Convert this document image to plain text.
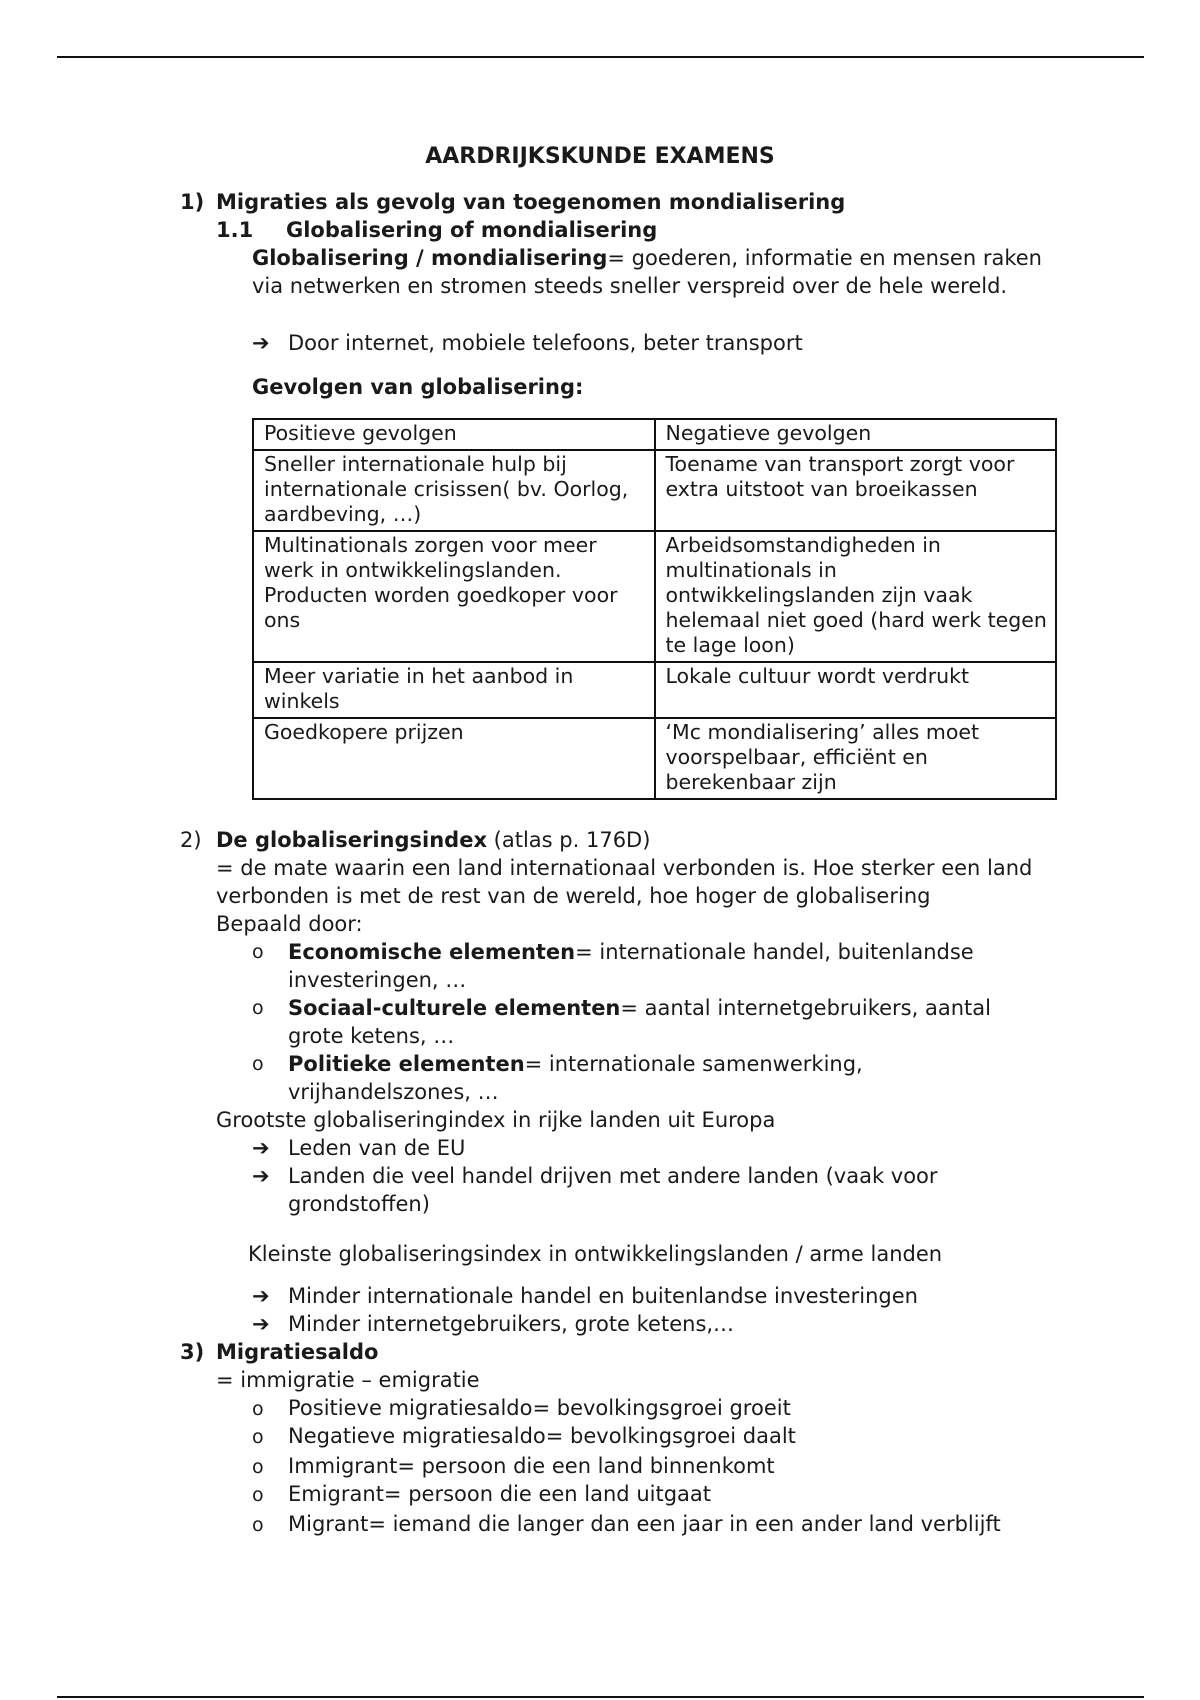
AARDRIJKSKUNDE EXAMENS
1) Migraties als gevolg van toegenomen mondialisering
1.1 Globalisering of mondialisering
Globalisering / mondialisering= goederen, informatie en mensen raken via netwerken en stromen steeds sneller verspreid over de hele wereld.
➔ Door internet, mobiele telefoons, beter transport
Gevolgen van globalisering:
Positieve gevolgen	Negatieve gevolgen
Sneller internationale hulp bij internationale crisissen( bv. Oorlog, aardbeving, …)	Toename van transport zorgt voor extra uitstoot van broeikassen
Multinationals zorgen voor meer werk in ontwikkelingslanden. Producten worden goedkoper voor ons	Arbeidsomstandigheden in multinationals in ontwikkelingslanden zijn vaak helemaal niet goed (hard werk tegen te lage loon)
Meer variatie in het aanbod in winkels	Lokale cultuur wordt verdrukt
Goedkopere prijzen	‘Mc mondialisering’ alles moet voorspelbaar, efficiënt en berekenbaar zijn
2) De globaliseringsindex (atlas p. 176D)
= de mate waarin een land internationaal verbonden is. Hoe sterker een land verbonden is met de rest van de wereld, hoe hoger de globalisering
Bepaald door:
o	Economische elementen= internationale handel, buitenlandse investeringen, …
o	Sociaal-culturele elementen= aantal internetgebruikers, aantal grote ketens, …
o	Politieke elementen= internationale samenwerking, vrijhandelszones, …
Grootste globaliseringindex in rijke landen uit Europa
➔ Leden van de EU
➔ Landen die veel handel drijven met andere landen (vaak voor grondstoffen)
Kleinste globaliseringsindex in ontwikkelingslanden / arme landen
➔ Minder internationale handel en buitenlandse investeringen
➔ Minder internetgebruikers, grote ketens,…
3) Migratiesaldo
= immigratie – emigratie
o Positieve migratiesaldo= bevolkingsgroei groeit
o Negatieve migratiesaldo= bevolkingsgroei daalt
o Immigrant= persoon die een land binnenkomt
o Emigrant= persoon die een land uitgaat
o Migrant= iemand die langer dan een jaar in een ander land verblijft
